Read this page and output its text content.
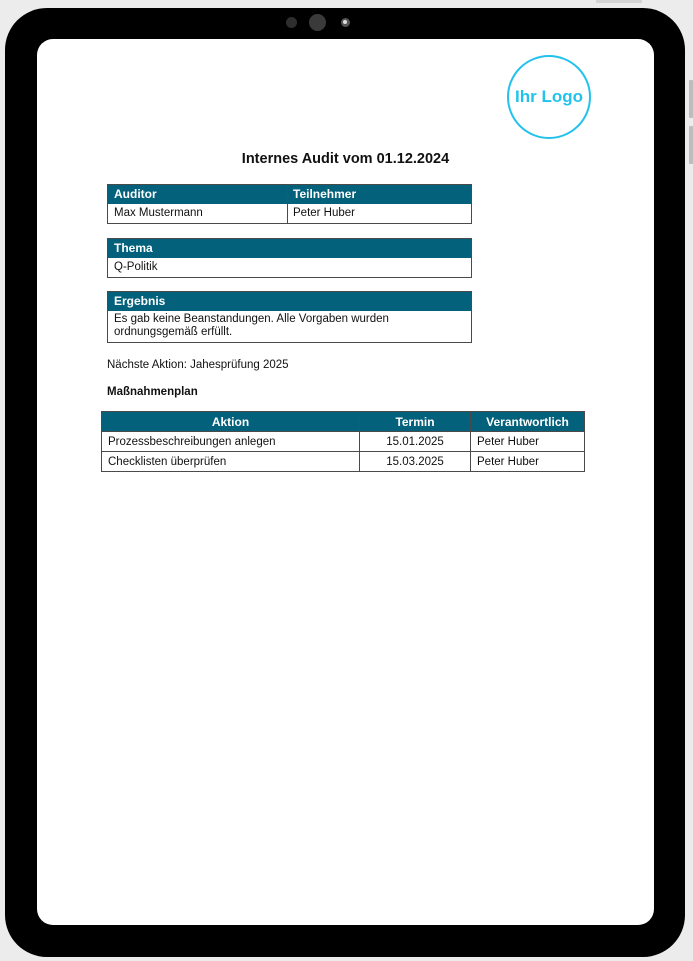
Ihr Logo
Internes Audit vom 01.12.2024
Auditor	Teilnehmer
Max Mustermann	Peter Huber
Thema
Q-Politik
Ergebnis
Es gab keine Beanstandungen. Alle Vorgaben wurden ordnungsgemäß erfüllt.
Nächste Aktion: Jahesprüfung 2025
Maßnahmenplan
Aktion	Termin	Verantwortlich
Prozessbeschreibungen anlegen	15.01.2025	Peter Huber
Checklisten überprüfen	15.03.2025	Peter Huber
